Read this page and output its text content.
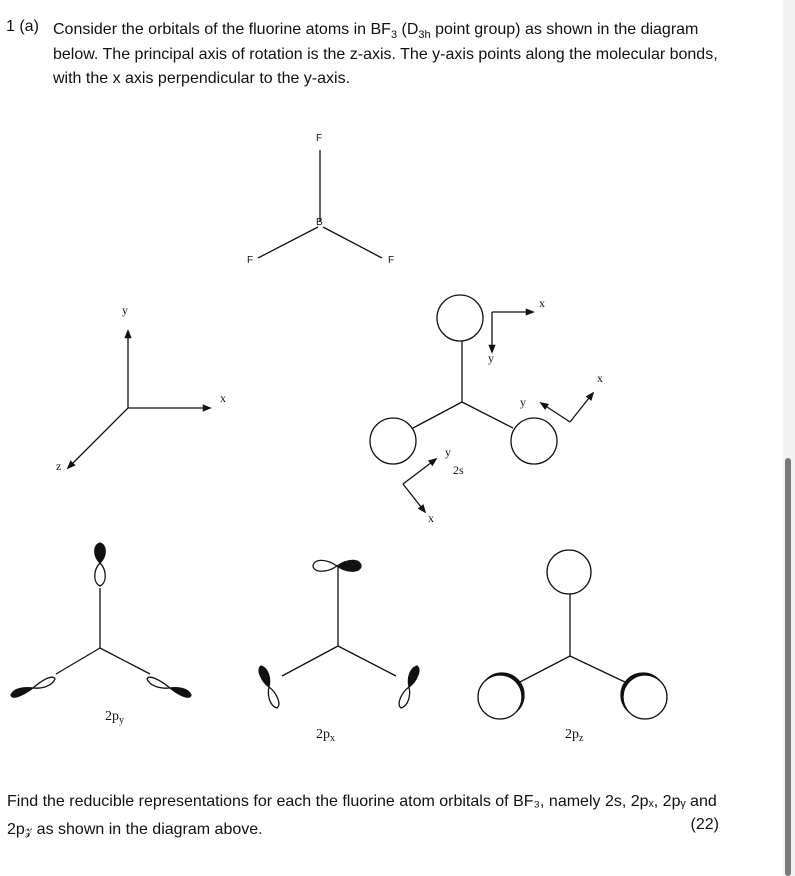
1 (a) Consider the orbitals of the fluorine atoms in $BF_3$ ($D_{3h}$ point group) as shown in the diagram
below. The principal axis of rotation is the z-axis. The y-axis points along the molecular bonds,
with the x axis perpendicular to the y-axis.
F
B
F	F
y
x
z
x
y
x
y
y
x
2s
$2p_y$
$2p_x$	$2p_z$
Find the reducible representations for each the fluorine atom orbitals of BF₃, namely 2s, 2pₓ, 2pᵧ and
2p𝓏 as shown in the diagram above.	(22)
